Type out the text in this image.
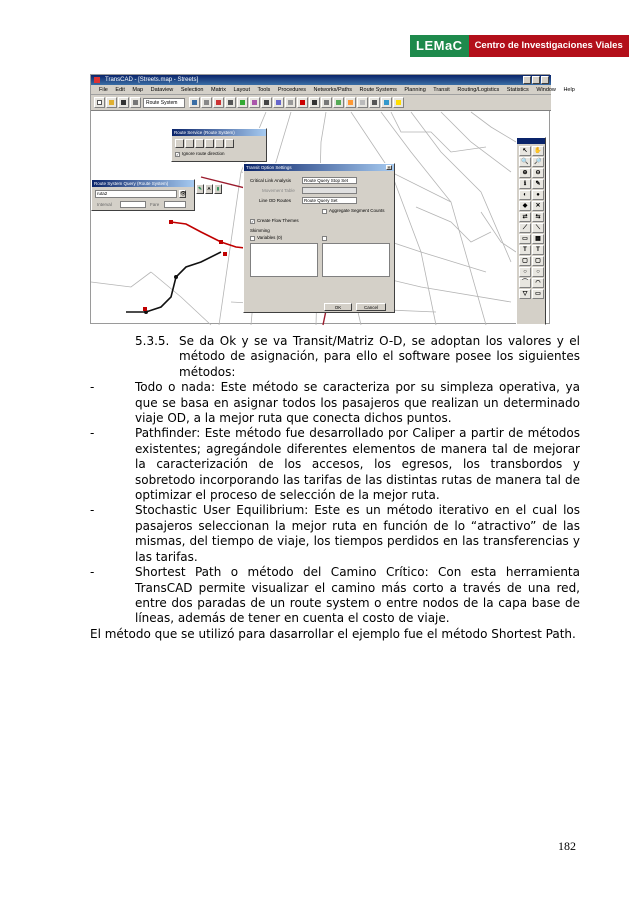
LEMaC	Centro de Investigaciones Viales
TransCAD - [Streets.map - Streets]
File Edit Map Dataview Selection Matrix Layout Tools Procedures Networks/Paths Route Systems Planning Transit Routing/Logistics Statistics Window Help
Route System
Route Service (Route System)
✓ Ignore route direction
Route System Query (Route System)
ruta2	👁
Interval	Fare
✎	A	▮
Transit Option Settings	×
Critical Link Analysis	Route Query Stop Set
Movement Table
Line OD Routes	Route Query Set
Aggregate Segment Counts
✓ Create Flow Themes
Skimming
Variables (0)
OK	Cancel
↖	✋
🔍 🔎
⊕	⊖
ℹ	✎
◐	●
◆	✕
⇄	⇆
⟋	⟍
▭	▦
T	T
▢	▢
○	○
⌒	◠
▽	▭
5.3.5. Se da Ok y se va Transit/Matriz O-D, se adoptan los valores y el método de asignación, para ello el software posee los siguientes métodos:
-	Todo o nada: Este método se caracteriza por su simpleza operativa, ya que se basa en asignar todos los pasajeros que realizan un determinado viaje OD, a la mejor ruta que conecta dichos puntos.
-	Pathfinder: Este método fue desarrollado por Caliper a partir de métodos existentes; agregándole diferentes elementos de manera tal de mejorar la caracterización de los accesos, los egresos, los transbordos y sobretodo incorporando las tarifas de las distintas rutas de manera tal de optimizar el proceso de selección de la mejor ruta.
-	Stochastic User Equilibrium: Este es un método iterativo en el cual los pasajeros seleccionan la mejor ruta en función de lo “atractivo” de las mismas, del tiempo de viaje, los tiempos perdidos en las transferencias y las tarifas.
-	Shortest Path o método del Camino Crítico: Con esta herramienta TransCAD permite visualizar el camino más corto a través de una red, entre dos paradas de un route system o entre nodos de la capa base de líneas, además de tener en cuenta el costo de viaje.
El método que se utilizó para dasarrollar el ejemplo fue el método Shortest Path.
182
